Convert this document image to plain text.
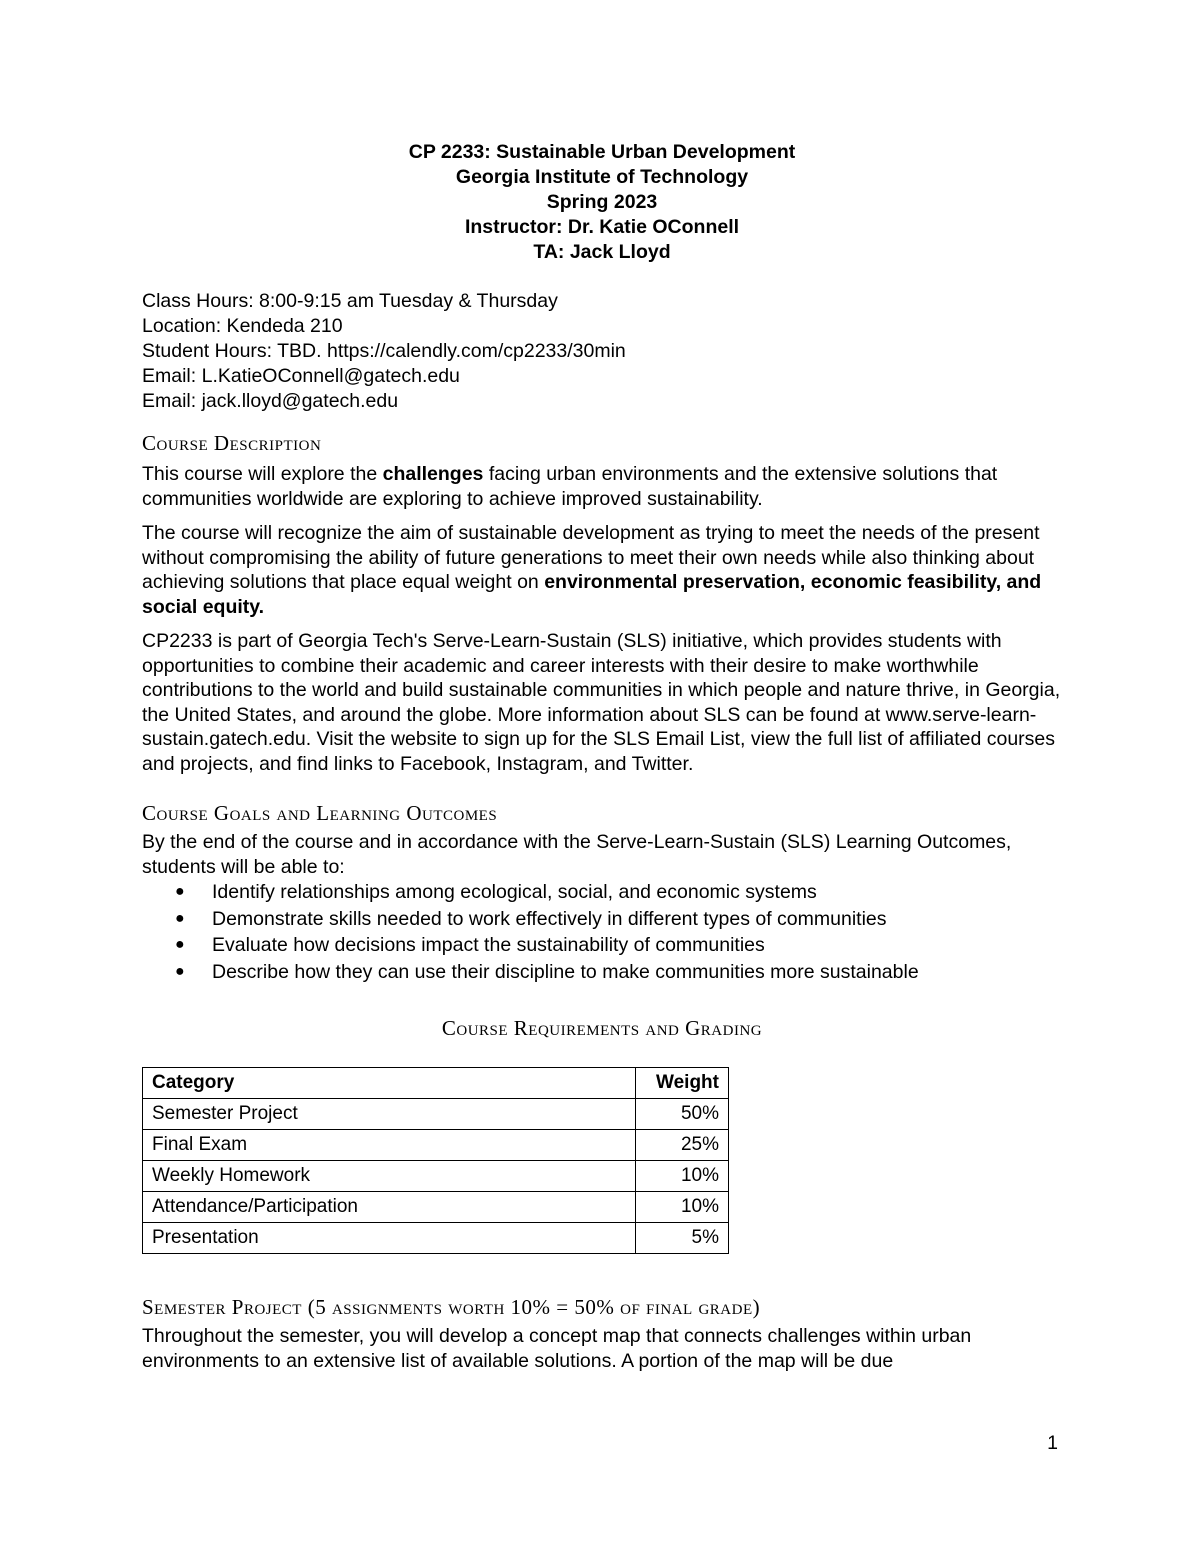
CP 2233: Sustainable Urban Development
Georgia Institute of Technology
Spring 2023
Instructor: Dr. Katie OConnell
TA: Jack Lloyd
Class Hours: 8:00-9:15 am Tuesday & Thursday
Location: Kendeda 210
Student Hours: TBD. https://calendly.com/cp2233/30min
Email: L.KatieOConnell@gatech.edu
Email: jack.lloyd@gatech.edu
Course Description

This course will explore the challenges facing urban environments and the extensive solutions that communities worldwide are exploring to achieve improved sustainability.

The course will recognize the aim of sustainable development as trying to meet the needs of the present without compromising the ability of future generations to meet their own needs while also thinking about achieving solutions that place equal weight on environmental preservation, economic feasibility, and social equity.

CP2233 is part of Georgia Tech's Serve-Learn-Sustain (SLS) initiative, which provides students with opportunities to combine their academic and career interests with their desire to make worthwhile contributions to the world and build sustainable communities in which people and nature thrive, in Georgia, the United States, and around the globe. More information about SLS can be found at www.serve-learn-sustain.gatech.edu. Visit the website to sign up for the SLS Email List, view the full list of affiliated courses and projects, and find links to Facebook, Instagram, and Twitter.

Course Goals and Learning Outcomes

By the end of the course and in accordance with the Serve-Learn-Sustain (SLS) Learning Outcomes, students will be able to:

● Identify relationships among ecological, social, and economic systems
● Demonstrate skills needed to work effectively in different types of communities
● Evaluate how decisions impact the sustainability of communities
● Describe how they can use their discipline to make communities more sustainable
Course Requirements and Grading
Category	Weight
Semester Project	50%
Final Exam	25%
Weekly Homework	10%
Attendance/Participation	10%
Presentation	5%
Semester Project (5 assignments worth 10% = 50% of final grade)

Throughout the semester, you will develop a concept map that connects challenges within urban environments to an extensive list of available solutions. A portion of the map will be due

1
